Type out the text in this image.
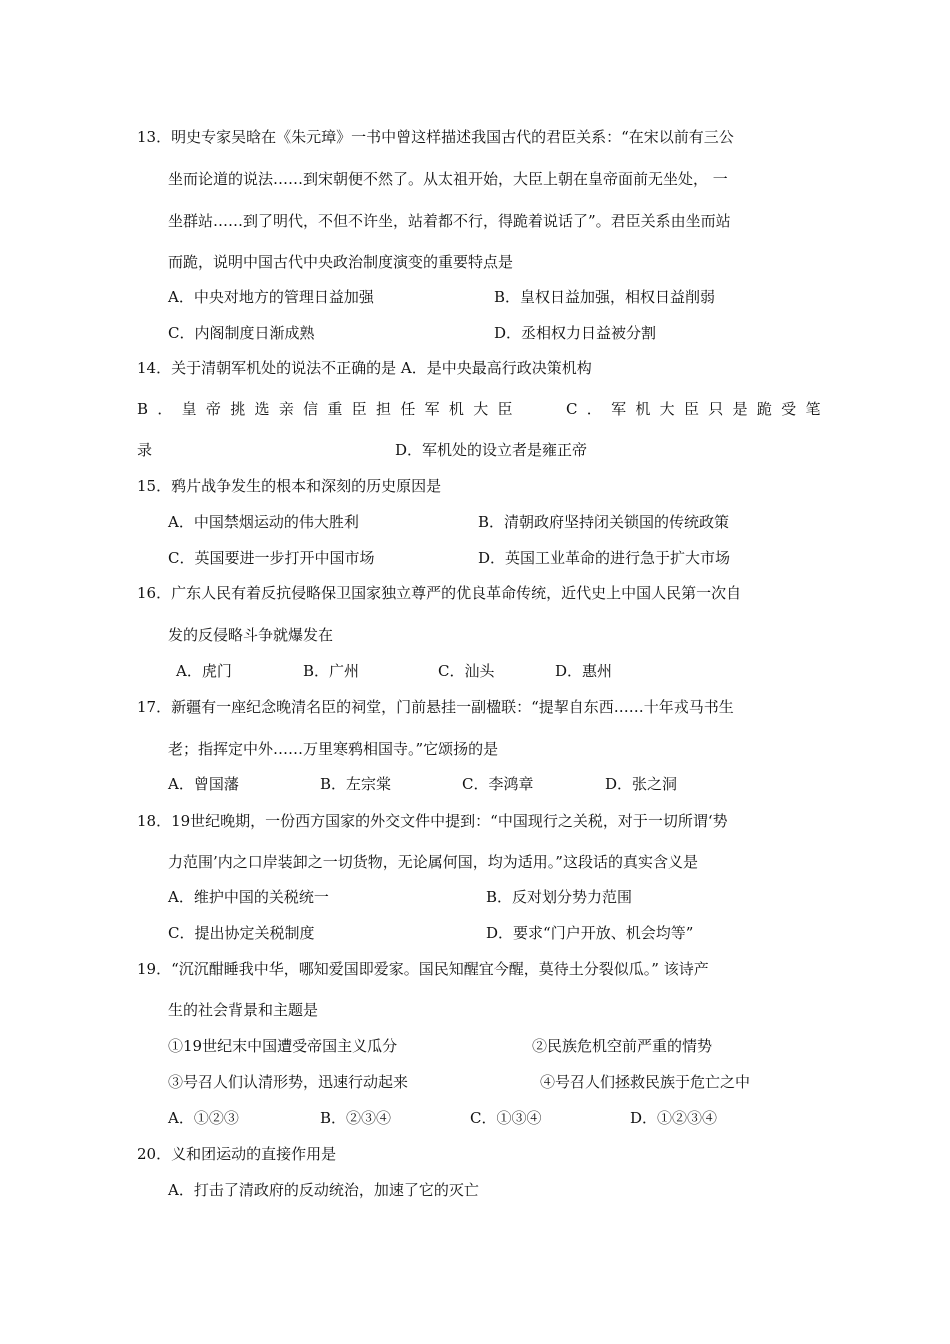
13．明史专家吴晗在《朱元璋》一书中曾这样描述我国古代的君臣关系：“在宋以前有三公
坐而论道的说法……到宋朝便不然了。从太祖开始，大臣上朝在皇帝面前无坐处， 一
坐群站……到了明代，不但不许坐，站着都不行，得跪着说话了”。君臣关系由坐而站
而跪，说明中国古代中央政治制度演变的重要特点是
A．中央对地方的管理日益加强	B．皇权日益加强，相权日益削弱
C．内阁制度日渐成熟	D．丞相权力日益被分割
14．关于清朝军机处的说法不正确的是 A．是中央最高行政决策机构
B．皇帝挑选亲信重臣担任军机大臣	C．军机大臣只是跪受笔
录	D．军机处的设立者是雍正帝
15．鸦片战争发生的根本和深刻的历史原因是
A．中国禁烟运动的伟大胜利	B．清朝政府坚持闭关锁国的传统政策
C．英国要进一步打开中国市场	D．英国工业革命的进行急于扩大市场
16．广东人民有着反抗侵略保卫国家独立尊严的优良革命传统，近代史上中国人民第一次自
发的反侵略斗争就爆发在
A．虎门	B．广州	C．汕头	D．惠州
17．新疆有一座纪念晚清名臣的祠堂，门前悬挂一副楹联：“提挈自东西……十年戎马书生
老；指挥定中外……万里寒鸦相国寺。”它颂扬的是
A．曾国藩	B．左宗棠	C．李鸿章	D．张之洞
18．19世纪晚期，一份西方国家的外交文件中提到：“中国现行之关税，对于一切所谓‘势
力范围’内之口岸装卸之一切货物，无论属何国，均为适用。”这段话的真实含义是
A．维护中国的关税统一	B．反对划分势力范围
C．提出协定关税制度	D．要求“门户开放、机会均等”
19．“沉沉酣睡我中华，哪知爱国即爱家。国民知醒宜今醒，莫待土分裂似瓜。” 该诗产
生的社会背景和主题是
①19世纪末中国遭受帝国主义瓜分	②民族危机空前严重的情势
③号召人们认清形势，迅速行动起来	④号召人们拯救民族于危亡之中
A．①②③	B．②③④	C．①③④	D．①②③④
20．义和团运动的直接作用是
A．打击了清政府的反动统治，加速了它的灭亡
